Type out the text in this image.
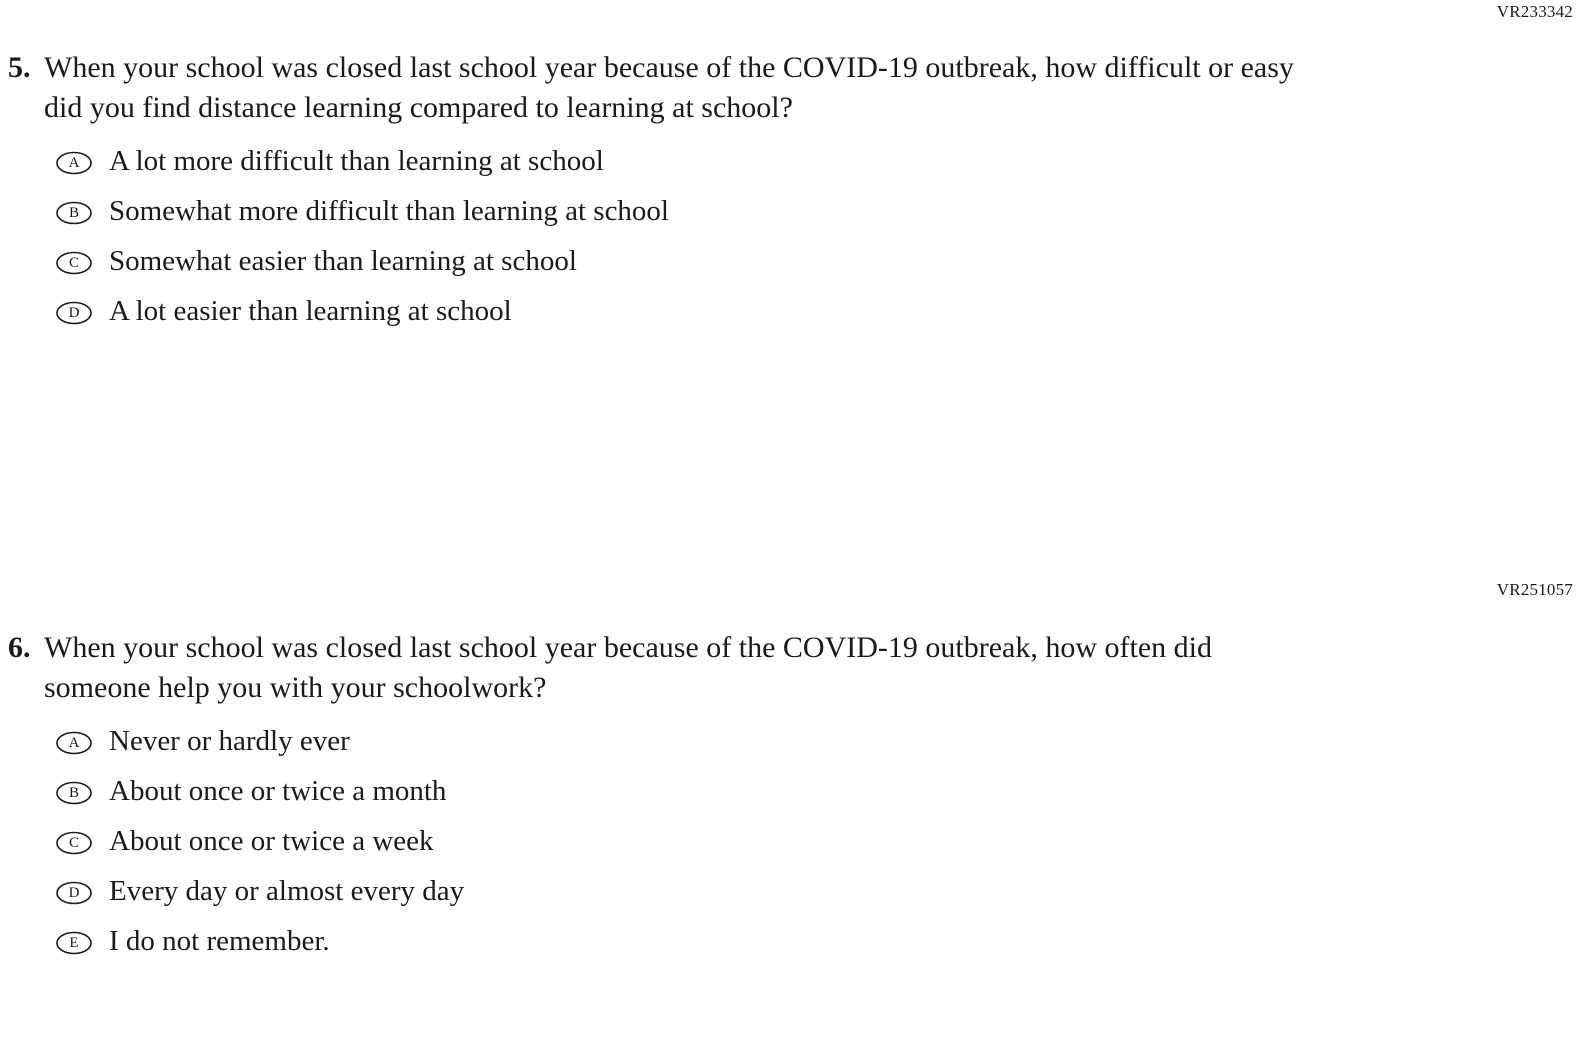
VR233342
5. When your school was closed last school year because of the COVID-19 outbreak, how difficult or easy did you find distance learning compared to learning at school?
A	A lot more difficult than learning at school
B	Somewhat more difficult than learning at school
C	Somewhat easier than learning at school
D	A lot easier than learning at school
VR251057
6. When your school was closed last school year because of the COVID-19 outbreak, how often did someone help you with your schoolwork?
A	Never or hardly ever
B	About once or twice a month
C	About once or twice a week
D	Every day or almost every day
E	I do not remember.
